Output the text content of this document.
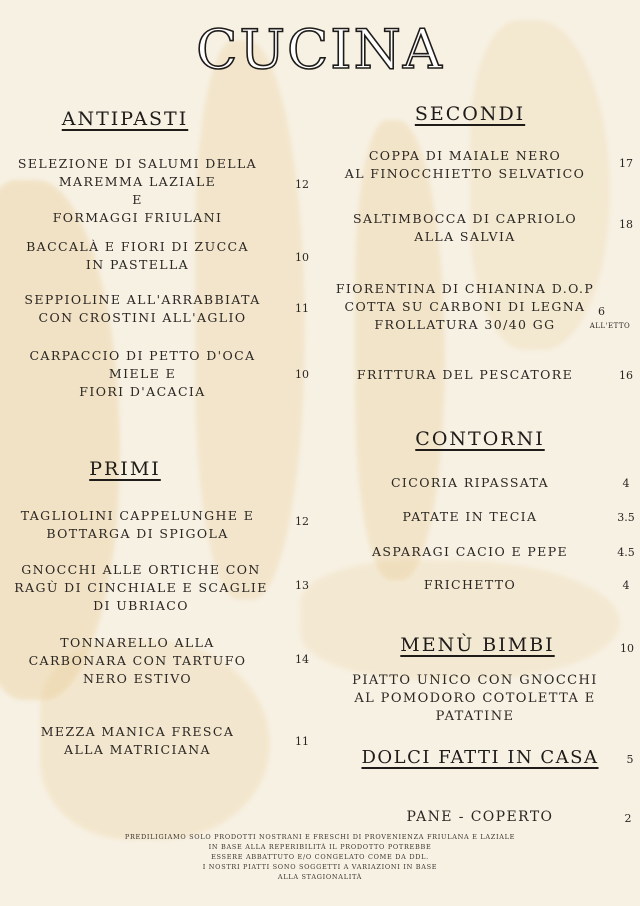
CUCINA
ANTIPASTI
SELEZIONE DI SALUMI DELLA
MAREMMA LAZIALE
E
FORMAGGI FRIULANI
12
BACCALÀ E FIORI DI ZUCCA
IN PASTELLA	10
SEPPIOLINE ALL'ARRABBIATA
CON CROSTINI ALL'AGLIO
11
CARPACCIO DI PETTO D'OCA
MIELE E
FIORI D'ACACIA
10
PRIMI
TAGLIOLINI CAPPELUNGHE E
BOTTARGA DI SPIGOLA
12
GNOCCHI ALLE ORTICHE CON
RAGÙ DI CINCHIALE E SCAGLIE
DI UBRIACO
13
TONNARELLO ALLA
CARBONARA CON TARTUFO
NERO ESTIVO
14
MEZZA MANICA FRESCA
ALLA MATRICIANA
11
SECONDI
COPPA DI MAIALE NERO
AL FINOCCHIETTO SELVATICO
17
SALTIMBOCCA DI CAPRIOLO
ALLA SALVIA
18
FIORENTINA DI CHIANINA D.O.P
COTTA SU CARBONI DI LEGNA
FROLLATURA 30/40 GG
6
ALL'ETTO
FRITTURA DEL PESCATORE	16
CONTORNI
CICORIA RIPASSATA	4
PATATE IN TECIA	3.5
ASPARAGI CACIO E PEPE	4.5
FRICHETTO	4
MENÙ BIMBI	10
PIATTO UNICO CON GNOCCHI
AL POMODORO COTOLETTA E
PATATINE
DOLCI FATTI IN CASA	5
PANE - COPERTO	2
PREDILIGIAMO SOLO PRODOTTI NOSTRANI E FRESCHI DI PROVENIENZA FRIULANA E LAZIALE
IN BASE ALLA REPERIBILITÀ IL PRODOTTO POTREBBE
ESSERE ABBATTUTO E/O CONGELATO COME DA DDL.
I NOSTRI PIATTI SONO SOGGETTI A VARIAZIONI IN BASE
ALLA STAGIONALITÀ
